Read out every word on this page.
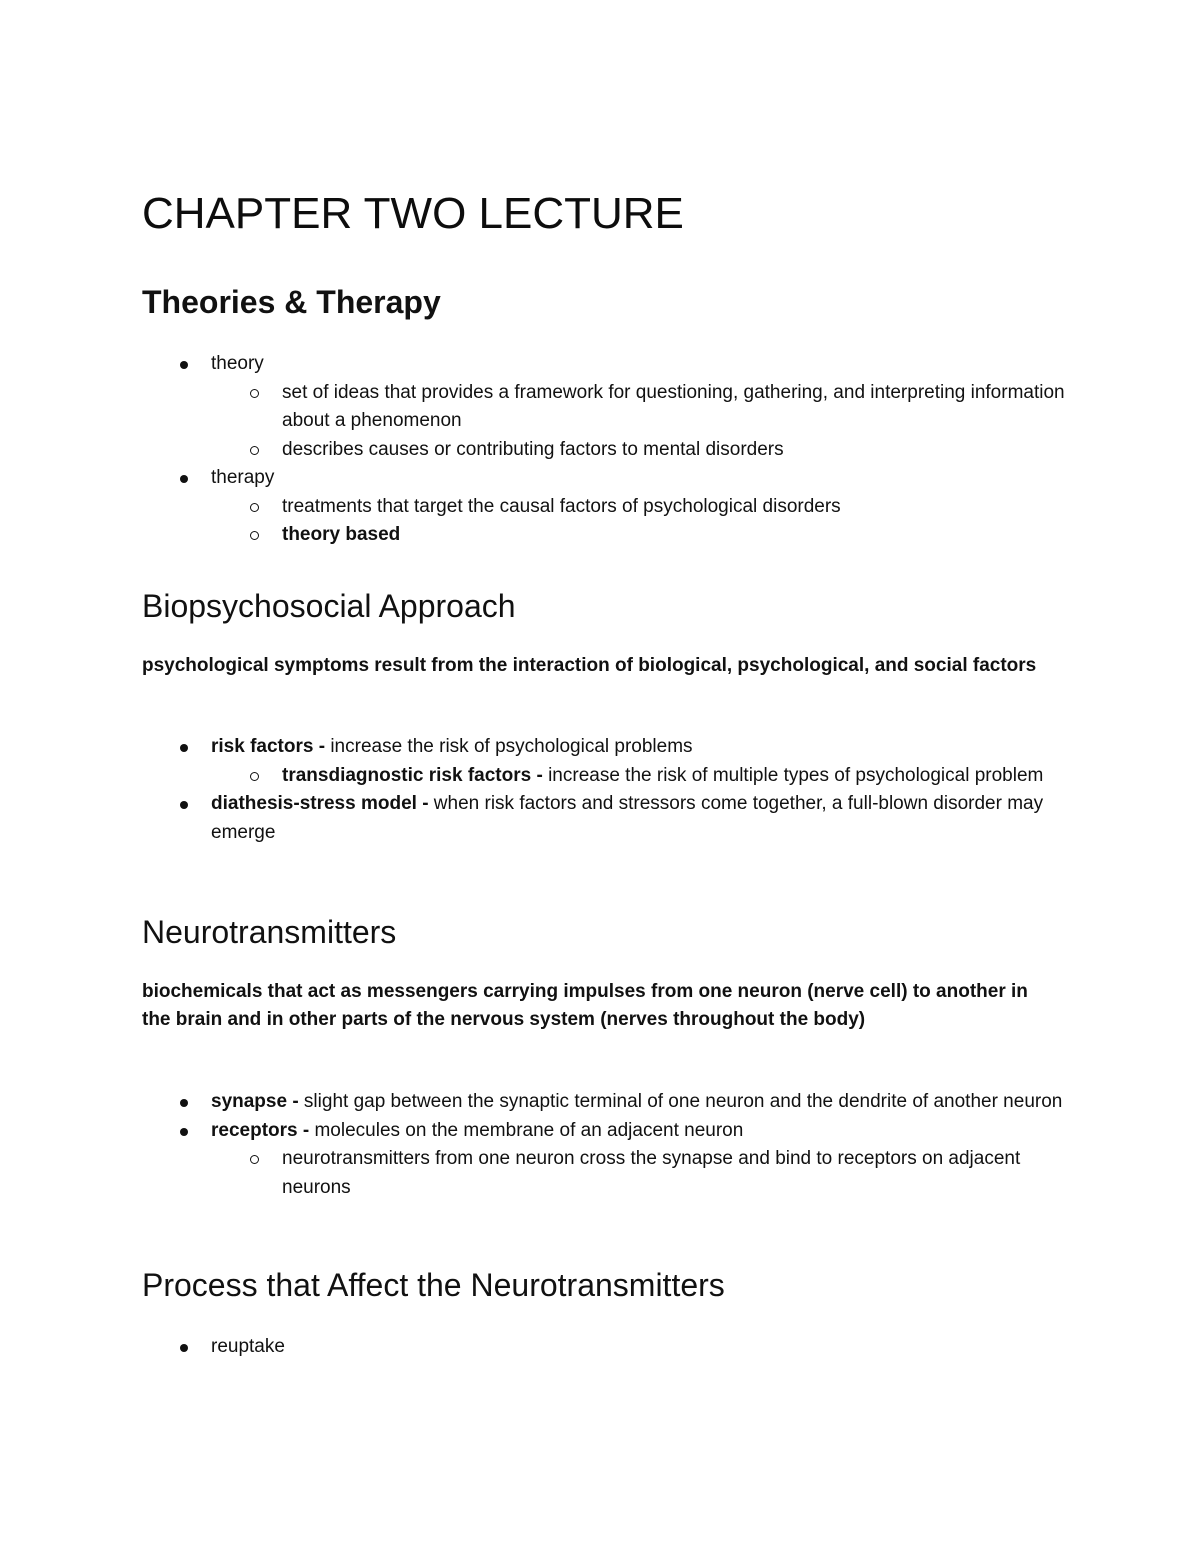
CHAPTER TWO LECTURE
Theories & Therapy
theory
set of ideas that provides a framework for questioning, gathering, and interpreting information about a phenomenon
describes causes or contributing factors to mental disorders
therapy
treatments that target the causal factors of psychological disorders
theory based
Biopsychosocial Approach

psychological symptoms result from the interaction of biological, psychological, and social factors

risk factors - increase the risk of psychological problems
transdiagnostic risk factors - increase the risk of multiple types of psychological problem
diathesis-stress model - when risk factors and stressors come together, a full-blown disorder may emerge
Neurotransmitters

biochemicals that act as messengers carrying impulses from one neuron (nerve cell) to another in the brain and in other parts of the nervous system (nerves throughout the body)

synapse - slight gap between the synaptic terminal of one neuron and the dendrite of another neuron
receptors - molecules on the membrane of an adjacent neuron
neurotransmitters from one neuron cross the synapse and bind to receptors on adjacent neurons
Process that Affect the Neurotransmitters
reuptake
